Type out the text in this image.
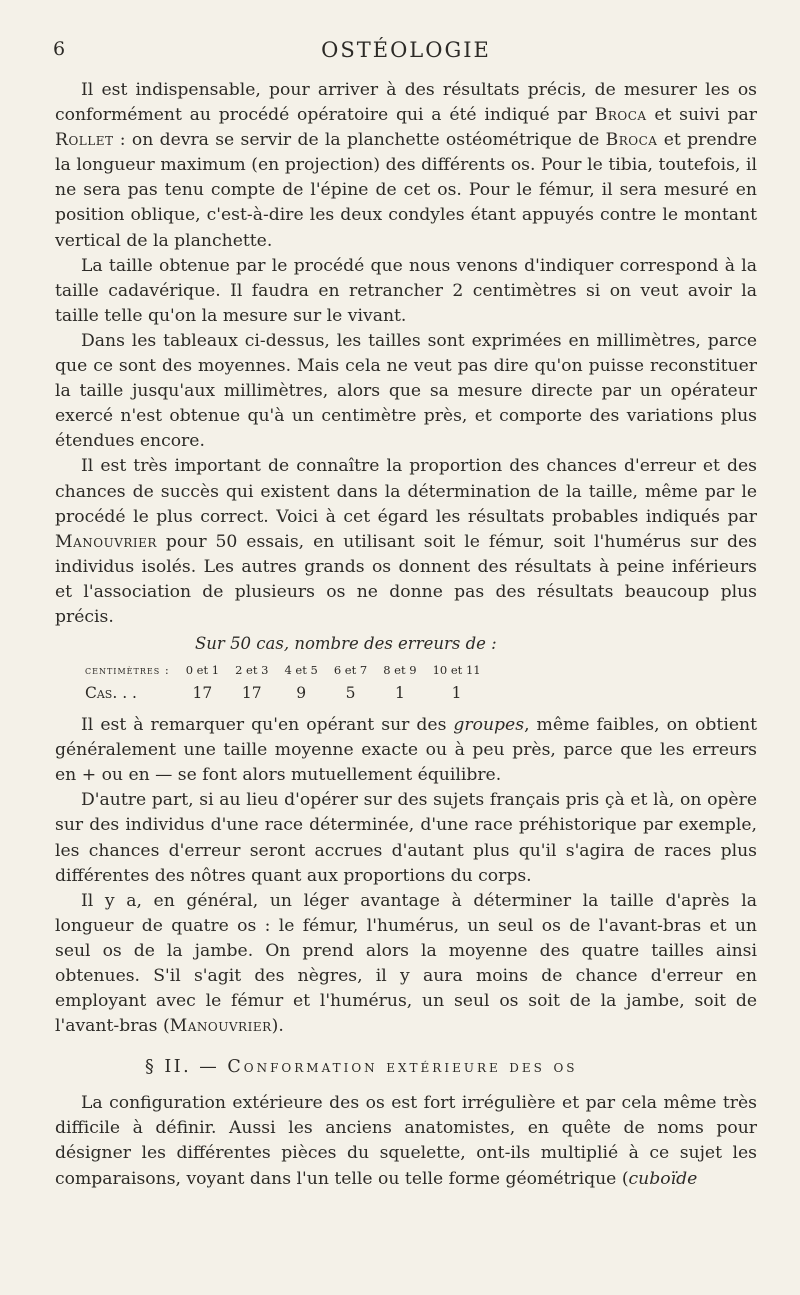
6	OSTÉOLOGIE

Il est indispensable, pour arriver à des résultats précis, de mesurer les os conformément au procédé opératoire qui a été indiqué par Broca et suivi par Rollet : on devra se servir de la planchette ostéométrique de Broca et prendre la longueur maximum (en projection) des différents os. Pour le tibia, toutefois, il ne sera pas tenu compte de l'épine de cet os. Pour le fémur, il sera mesuré en position oblique, c'est-à-dire les deux condyles étant appuyés contre le montant vertical de la planchette.

La taille obtenue par le procédé que nous venons d'indiquer correspond à la taille cadavérique. Il faudra en retrancher 2 centimètres si on veut avoir la taille telle qu'on la mesure sur le vivant.

Dans les tableaux ci-dessus, les tailles sont exprimées en millimètres, parce que ce sont des moyennes. Mais cela ne veut pas dire qu'on puisse reconstituer la taille jusqu'aux millimètres, alors que sa mesure directe par un opérateur exercé n'est obtenue qu'à un centimètre près, et comporte des variations plus étendues encore.

Il est très important de connaître la proportion des chances d'erreur et des chances de succès qui existent dans la détermination de la taille, même par le procédé le plus correct. Voici à cet égard les résultats probables indiqués par Manouvrier pour 50 essais, en utilisant soit le fémur, soit l'humérus sur des individus isolés. Les autres grands os donnent des résultats à peine inférieurs et l'association de plusieurs os ne donne pas des résultats beaucoup plus précis.

Sur 50 cas, nombre des erreurs de :
centimètres :	0 et 1	2 et 3	4 et 5	6 et 7	8 et 9	10 et 11
Cas. . .	17	17	9	5	1	1

Il est à remarquer qu'en opérant sur des groupes, même faibles, on obtient généralement une taille moyenne exacte ou à peu près, parce que les erreurs en + ou en — se font alors mutuellement équilibre.

D'autre part, si au lieu d'opérer sur des sujets français pris çà et là, on opère sur des individus d'une race déterminée, d'une race préhistorique par exemple, les chances d'erreur seront accrues d'autant plus qu'il s'agira de races plus différentes des nôtres quant aux proportions du corps.

Il y a, en général, un léger avantage à déterminer la taille d'après la longueur de quatre os : le fémur, l'humérus, un seul os de l'avant-bras et un seul os de la jambe. On prend alors la moyenne des quatre tailles ainsi obtenues. S'il s'agit des nègres, il y aura moins de chance d'erreur en employant avec le fémur et l'humérus, un seul os soit de la jambe, soit de l'avant-bras (Manouvrier).

§ II. — Conformation extérieure des os

La configuration extérieure des os est fort irrégulière et par cela même très difficile à définir. Aussi les anciens anatomistes, en quête de noms pour désigner les différentes pièces du squelette, ont-ils multiplié à ce sujet les comparaisons, voyant dans l'un telle ou telle forme géométrique (cuboïde
